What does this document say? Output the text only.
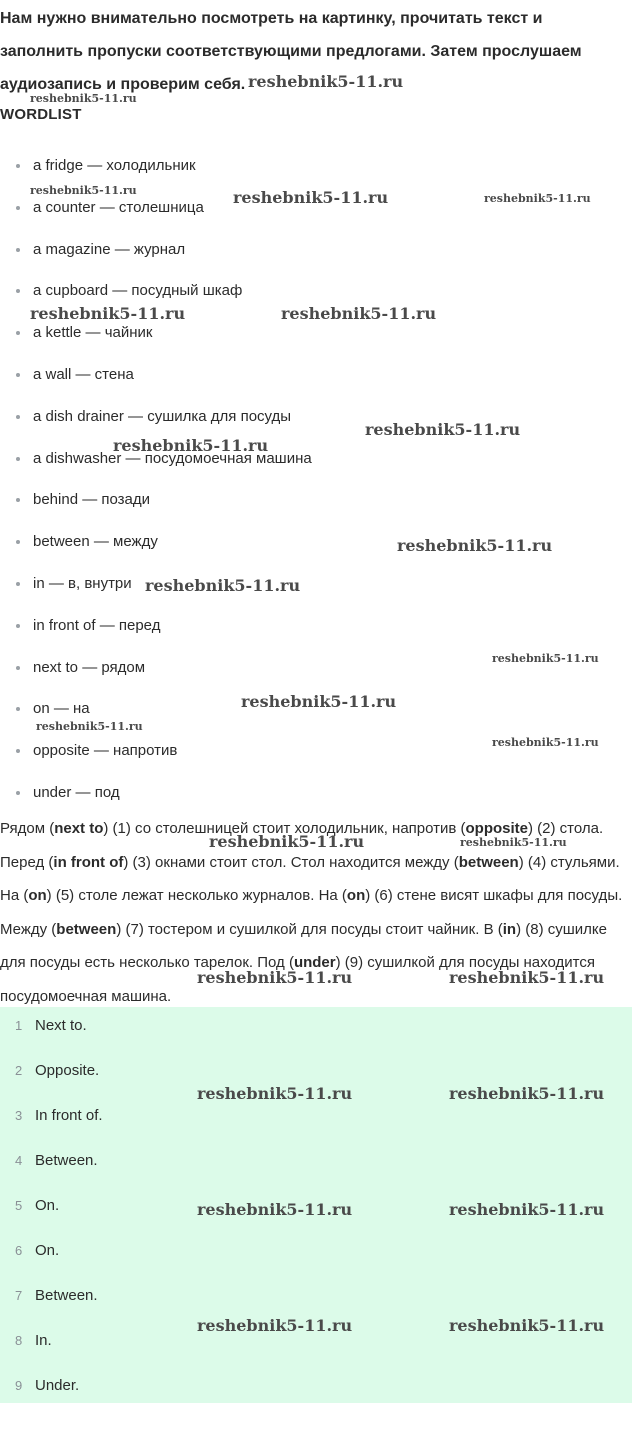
Нам нужно внимательно посмотреть на картинку, прочитать текст и
заполнить пропуски соответствующими предлогами. Затем прослушаем
аудиозапись и проверим себя.
WORDLIST
a fridge — холодильник
a counter — столешница
a magazine — журнал
a cupboard — посудный шкаф
a kettle — чайник
a wall — стена
a dish drainer — сушилка для посуды
a dishwasher — посудомоечная машина
behind — позади
between — между
in — в, внутри
in front of — перед
next to — рядом
on — на
opposite — напротив
under — под
Рядом (next to) (1) со столешницей стоит холодильник, напротив (opposite) (2) стола. Перед (in front of) (3) окнами стоит стол. Стол находится между (between) (4) стульями. На (on) (5) столе лежат несколько журналов. На (on) (6) стене висят шкафы для посуды. Между (between) (7) тостером и сушилкой для посуды стоит чайник. В (in) (8) сушилке для посуды есть несколько тарелок. Под (under) (9) сушилкой для посуды находится посудомоечная машина.
1 Next to.
2 Opposite.
3 In front of.
4 Between.
5 On.
6 On.
7 Between.
8 In.
9 Under.
reshebnik5-11.ru
reshebnik5-11.ru
reshebnik5-11.ru	reshebnik5-11.ru	reshebnik5-11.ru
reshebnik5-11.ru	reshebnik5-11.ru
reshebnik5-11.ru
reshebnik5-11.ru
reshebnik5-11.ru
reshebnik5-11.ru
reshebnik5-11.ru
reshebnik5-11.ru
reshebnik5-11.ru
reshebnik5-11.ru
reshebnik5-11.ru	reshebnik5-11.ru
reshebnik5-11.ru	reshebnik5-11.ru
reshebnik5-11.ru	reshebnik5-11.ru
reshebnik5-11.ru	reshebnik5-11.ru
reshebnik5-11.ru	reshebnik5-11.ru
